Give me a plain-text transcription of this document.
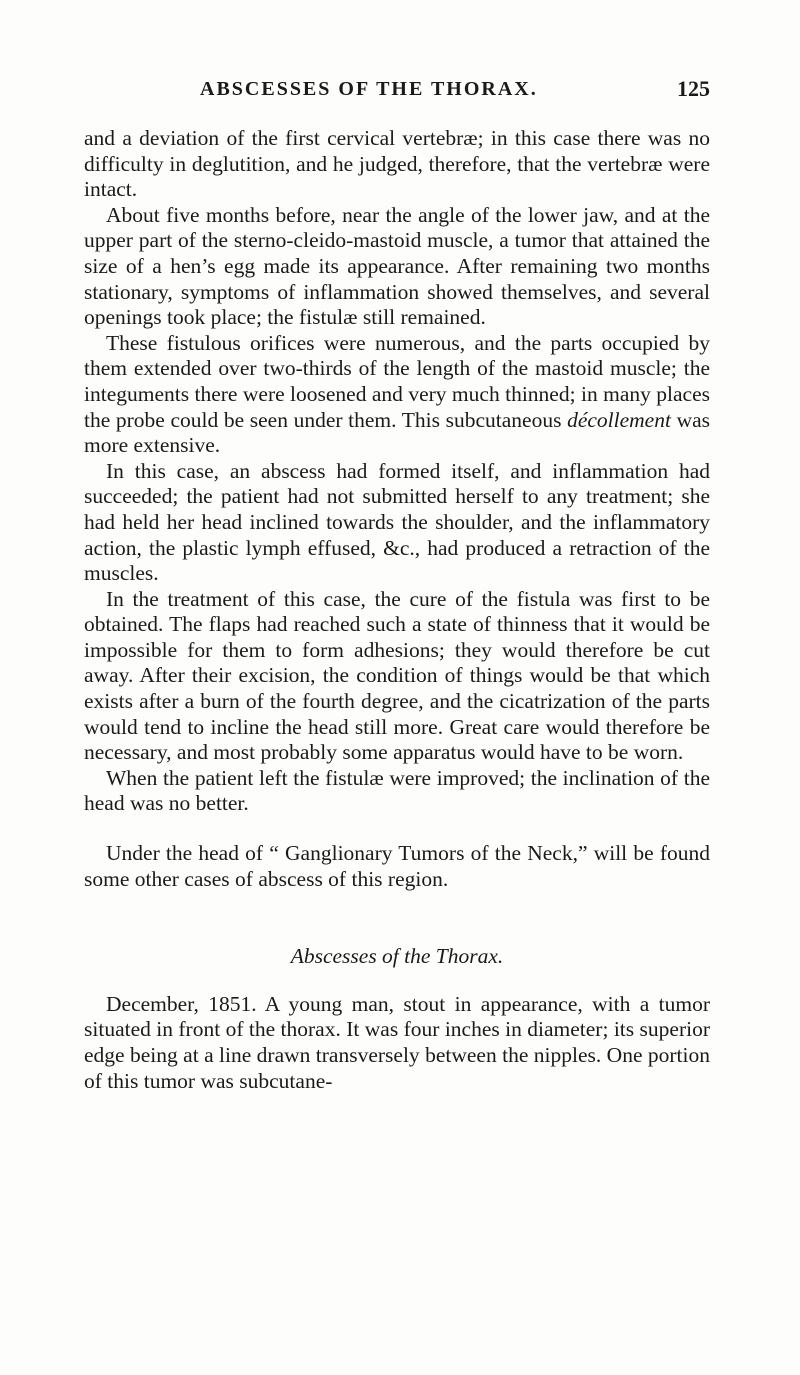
ABSCESSES OF THE THORAX.	125

and a deviation of the first cervical vertebræ; in this case there was no difficulty in deglutition, and he judged, therefore, that the vertebræ were intact.

About five months before, near the angle of the lower jaw, and at the upper part of the sterno-cleido-mastoid muscle, a tumor that attained the size of a hen’s egg made its appearance. After remaining two months stationary, symptoms of inflammation showed themselves, and several openings took place; the fistulæ still remained.

These fistulous orifices were numerous, and the parts occupied by them extended over two-thirds of the length of the mastoid muscle; the integuments there were loosened and very much thinned; in many places the probe could be seen under them. This subcutaneous décollement was more extensive.

In this case, an abscess had formed itself, and inflammation had succeeded; the patient had not submitted herself to any treatment; she had held her head inclined towards the shoulder, and the inflammatory action, the plastic lymph effused, &c., had produced a retraction of the muscles.

In the treatment of this case, the cure of the fistula was first to be obtained. The flaps had reached such a state of thinness that it would be impossible for them to form adhesions; they would therefore be cut away. After their excision, the condition of things would be that which exists after a burn of the fourth degree, and the cicatrization of the parts would tend to incline the head still more. Great care would therefore be necessary, and most probably some apparatus would have to be worn.

When the patient left the fistulæ were improved; the inclination of the head was no better.

Under the head of “ Ganglionary Tumors of the Neck,” will be found some other cases of abscess of this region.

Abscesses of the Thorax.

December, 1851. A young man, stout in appearance, with a tumor situated in front of the thorax. It was four inches in diameter; its superior edge being at a line drawn transversely between the nipples. One portion of this tumor was subcutane-
